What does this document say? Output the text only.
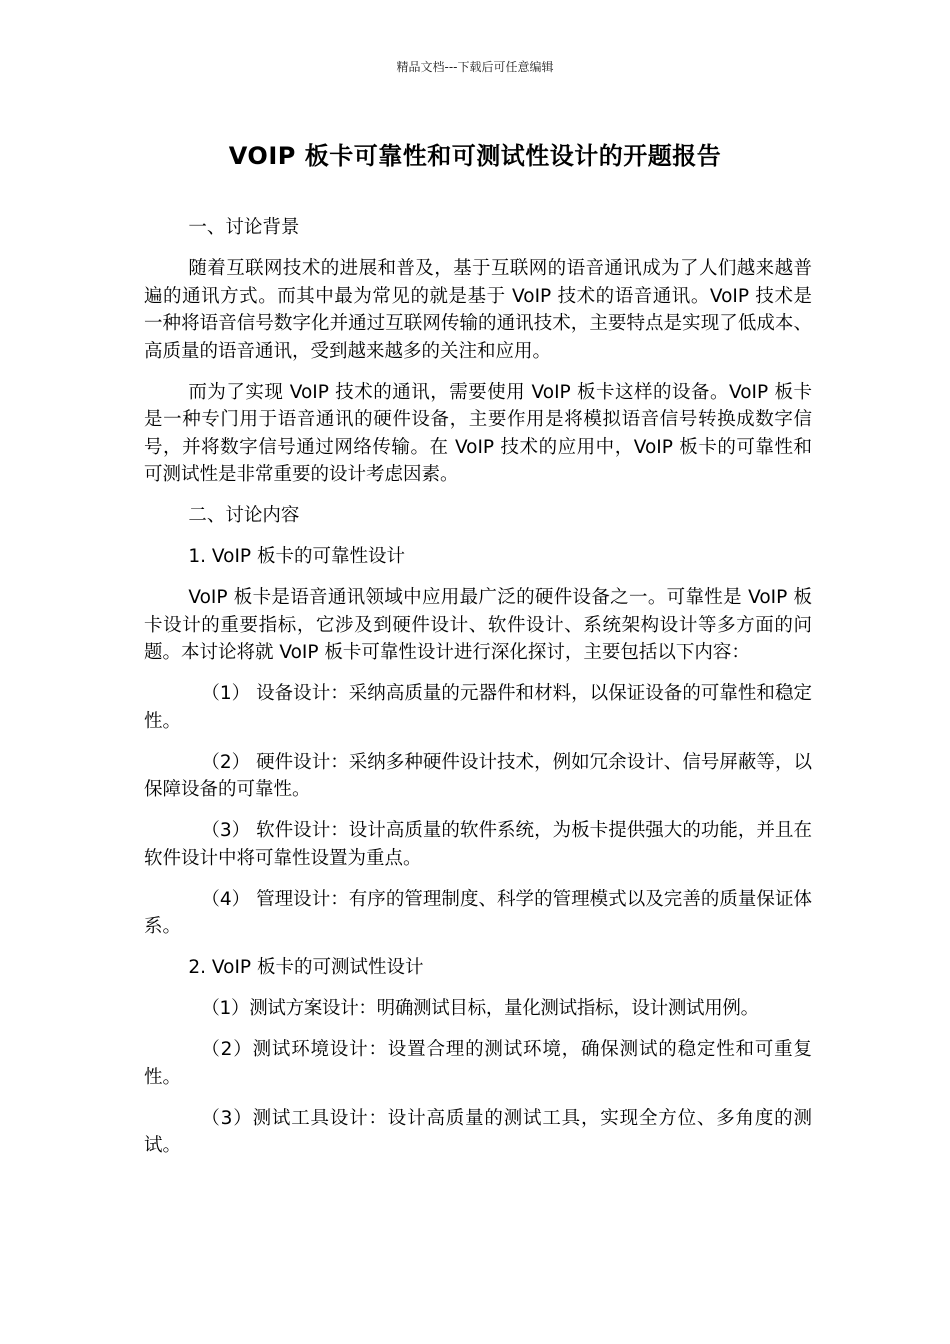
精品文档---下载后可任意编辑

VOIP 板卡可靠性和可测试性设计的开题报告

一、讨论背景

随着互联网技术的进展和普及，基于互联网的语音通讯成为了人们越来越普遍的通讯方式。而其中最为常见的就是基于 VoIP 技术的语音通讯。VoIP 技术是一种将语音信号数字化并通过互联网传输的通讯技术，主要特点是实现了低成本、高质量的语音通讯，受到越来越多的关注和应用。

而为了实现 VoIP 技术的通讯，需要使用 VoIP 板卡这样的设备。VoIP 板卡是一种专门用于语音通讯的硬件设备，主要作用是将模拟语音信号转换成数字信号，并将数字信号通过网络传输。在 VoIP 技术的应用中，VoIP 板卡的可靠性和可测试性是非常重要的设计考虑因素。

二、讨论内容

1. VoIP 板卡的可靠性设计

VoIP 板卡是语音通讯领域中应用最广泛的硬件设备之一。可靠性是 VoIP 板卡设计的重要指标，它涉及到硬件设计、软件设计、系统架构设计等多方面的问题。本讨论将就 VoIP 板卡可靠性设计进行深化探讨，主要包括以下内容：

（1） 设备设计：采纳高质量的元器件和材料，以保证设备的可靠性和稳定性。

（2） 硬件设计：采纳多种硬件设计技术，例如冗余设计、信号屏蔽等，以保障设备的可靠性。

（3） 软件设计：设计高质量的软件系统，为板卡提供强大的功能，并且在软件设计中将可靠性设置为重点。

（4） 管理设计：有序的管理制度、科学的管理模式以及完善的质量保证体系。

2. VoIP 板卡的可测试性设计

（1）测试方案设计：明确测试目标，量化测试指标，设计测试用例。

（2）测试环境设计：设置合理的测试环境，确保测试的稳定性和可重复性。

（3）测试工具设计：设计高质量的测试工具，实现全方位、多角度的测试。
